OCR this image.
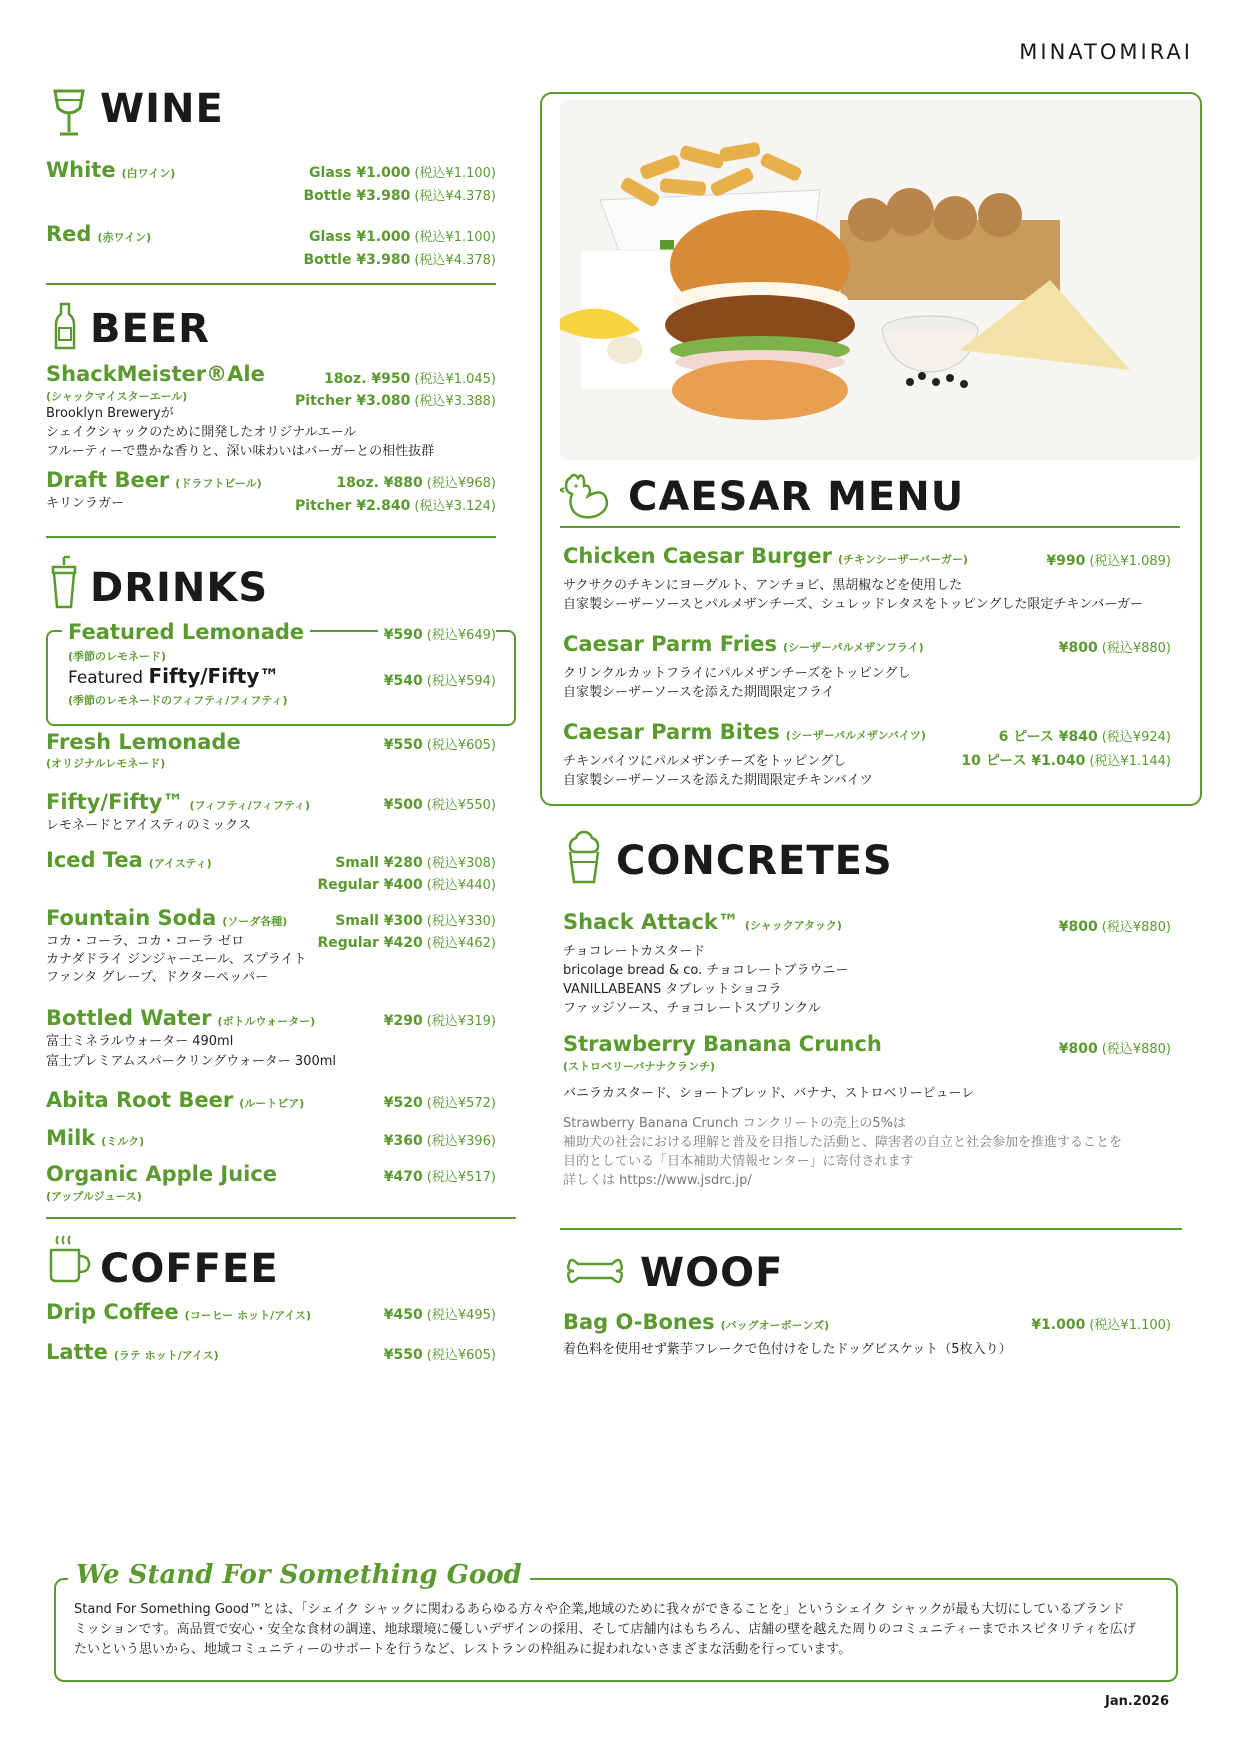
MINATOMIRAI
WINE
White (白ワイン)	Glass ¥1.000 (税込¥1.100)
Bottle ¥3.980 (税込¥4.378)
Red (赤ワイン)	Glass ¥1.000 (税込¥1.100)
Bottle ¥3.980 (税込¥4.378)
BEER
ShackMeister®Ale
(シャックマイスターエール)
Brooklyn Breweryが
シェイクシャックのために開発したオリジナルエール
フルーティーで豊かな香りと、深い味わいはバーガーとの相性抜群
18oz. ¥950 (税込¥1.045)
Pitcher ¥3.080 (税込¥3.388)
Draft Beer (ドラフトビール)
キリンラガー
18oz. ¥880 (税込¥968)
Pitcher ¥2.840 (税込¥3.124)
DRINKS
Featured Lemonade
(季節のレモネード)
¥590 (税込¥649)
Featured Fifty/Fifty™
(季節のレモネードのフィフティ/フィフティ)
¥540 (税込¥594)
Fresh Lemonade
(オリジナルレモネード)
¥550 (税込¥605)
Fifty/Fifty™ (フィフティ/フィフティ)
レモネードとアイスティのミックス
¥500 (税込¥550)
Iced Tea (アイスティ)	Small ¥280 (税込¥308)
Regular ¥400 (税込¥440)
Fountain Soda (ソーダ各種)
コカ・コーラ、コカ・コーラ ゼロ
カナダドライ ジンジャーエール、スプライト
ファンタ グレープ、ドクターペッパー
Small ¥300 (税込¥330)
Regular ¥420 (税込¥462)
Bottled Water (ボトルウォーター)
富士ミネラルウォーター 490ml
富士プレミアムスパークリングウォーター 300ml
¥290 (税込¥319)
Abita Root Beer (ルートビア)	¥520 (税込¥572)
Milk (ミルク)	¥360 (税込¥396)
Organic Apple Juice
(アップルジュース)
¥470 (税込¥517)
COFFEE
Drip Coffee (コーヒー ホット/アイス)	¥450 (税込¥495)
Latte (ラテ ホット/アイス)	¥550 (税込¥605)
CAESAR MENU
Chicken Caesar Burger (チキンシーザーバーガー)
サクサクのチキンにヨーグルト、アンチョビ、黒胡椒などを使用した
自家製シーザーソースとパルメザンチーズ、シュレッドレタスをトッピングした限定チキンバーガー
¥990 (税込¥1.089)
Caesar Parm Fries (シーザーパルメザンフライ)
クリンクルカットフライにパルメザンチーズをトッピングし
自家製シーザーソースを添えた期間限定フライ
¥800 (税込¥880)
Caesar Parm Bites (シーザーパルメザンバイツ)
チキンバイツにパルメザンチーズをトッピングし
自家製シーザーソースを添えた期間限定チキンバイツ
6 ピース ¥840 (税込¥924)
10 ピース ¥1.040 (税込¥1.144)
CONCRETES
Shack Attack™ (シャックアタック)
チョコレートカスタード
bricolage bread & co. チョコレートブラウニー
VANILLABEANS タブレットショコラ
ファッジソース、チョコレートスプリンクル
¥800 (税込¥880)
Strawberry Banana Crunch
(ストロベリーバナナクランチ)
バニラカスタード、ショートブレッド、バナナ、ストロベリーピューレ
¥800 (税込¥880)
Strawberry Banana Crunch コンクリートの売上の5%は
補助犬の社会における理解と普及を目指した活動と、障害者の自立と社会参加を推進することを
目的としている「日本補助犬情報センター」に寄付されます
詳しくは https://www.jsdrc.jp/
WOOF
Bag O-Bones (バッグオーボーンズ)
着色料を使用せず紫芋フレークで色付けをしたドッグビスケット（5枚入り）
¥1.000 (税込¥1.100)
We Stand For Something Good
Stand For Something Good™とは、「シェイク シャックに関わるあらゆる方々や企業,地域のために我々ができることを」というシェイク シャックが最も大切にしているブランド
ミッションです。高品質で安心・安全な食材の調達、地球環境に優しいデザインの採用、そして店舗内はもちろん、店舗の壁を越えた周りのコミュニティーまでホスピタリティを広げ
たいという思いから、地域コミュニティーのサポートを行うなど、レストランの枠組みに捉われないさまざまな活動を行っています。
Jan.2026
